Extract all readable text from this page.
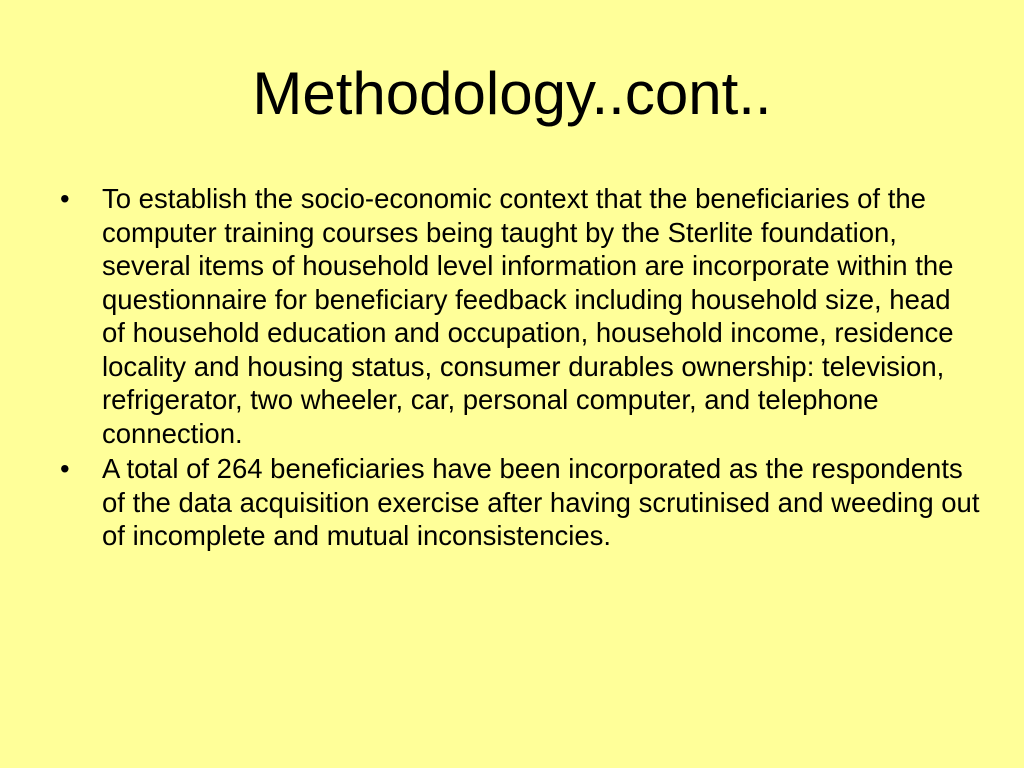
Methodology..cont..
•	To establish the socio-economic context that the beneficiaries of the computer training courses being taught by the Sterlite foundation, several items of household level information are incorporate within the questionnaire for beneficiary feedback including household size, head of household education and occupation, household income, residence locality and housing status, consumer durables ownership: television, refrigerator, two wheeler, car, personal computer, and telephone connection.
•	A total of 264 beneficiaries have been incorporated as the respondents of the data acquisition exercise after having scrutinised and weeding out of incomplete and mutual inconsistencies.
